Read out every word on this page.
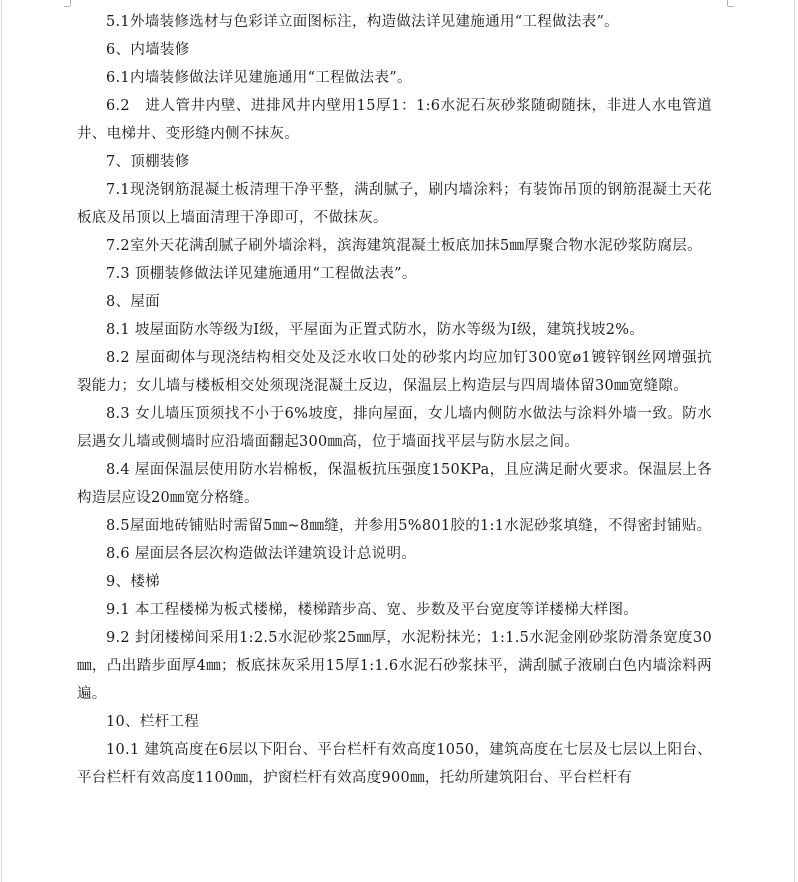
5.1外墙装修选材与色彩详立面图标注，构造做法详见建施通用“工程做法表”。

6、内墙装修

6.1内墙装修做法详见建施通用“工程做法表”。

6.2　进人管井内壁、进排风井内壁用15厚1：1:6水泥石灰砂浆随砌随抹，非进人水电管道井、电梯井、变形缝内侧不抹灰。

7、顶棚装修

7.1现浇钢筋混凝土板清理干净平整，满刮腻子，刷内墙涂料；有装饰吊顶的钢筋混凝土天花板底及吊顶以上墙面清理干净即可，不做抹灰。

7.2室外天花满刮腻子刷外墙涂料，滨海建筑混凝土板底加抹5㎜厚聚合物水泥砂浆防腐层。

7.3 顶棚装修做法详见建施通用“工程做法表”。

8、屋面

8.1 坡屋面防水等级为Ⅰ级，平屋面为正置式防水，防水等级为Ⅰ级，建筑找坡2%。

8.2 屋面砌体与现浇结构相交处及泛水收口处的砂浆内均应加钉300宽ø1镀锌钢丝网增强抗裂能力；女儿墙与楼板相交处须现浇混凝土反边，保温层上构造层与四周墙体留30㎜宽缝隙。

8.3 女儿墙压顶须找不小于6%坡度，排向屋面，女儿墙内侧防水做法与涂料外墙一致。防水层遇女儿墙或侧墙时应沿墙面翻起300㎜高，位于墙面找平层与防水层之间。

8.4 屋面保温层使用防水岩棉板，保温板抗压强度150KPa，且应满足耐火要求。保温层上各构造层应设20㎜宽分格缝。

8.5屋面地砖铺贴时需留5㎜~8㎜缝，并参用5%801胶的1:1水泥砂浆填缝，不得密封铺贴。

8.6 屋面层各层次构造做法详建筑设计总说明。

9、楼梯

9.1 本工程楼梯为板式楼梯，楼梯踏步高、宽、步数及平台宽度等详楼梯大样图。

9.2 封闭楼梯间采用1:2.5水泥砂浆25㎜厚，水泥粉抹光；1:1.5水泥金刚砂浆防滑条宽度30㎜，凸出踏步面厚4㎜；板底抹灰采用15厚1:1.6水泥石砂浆抹平，满刮腻子液刷白色内墙涂料两遍。

10、栏杆工程

10.1 建筑高度在6层以下阳台、平台栏杆有效高度1050，建筑高度在七层及七层以上阳台、平台栏杆有效高度1100㎜，护窗栏杆有效高度900㎜，托幼所建筑阳台、平台栏杆有
